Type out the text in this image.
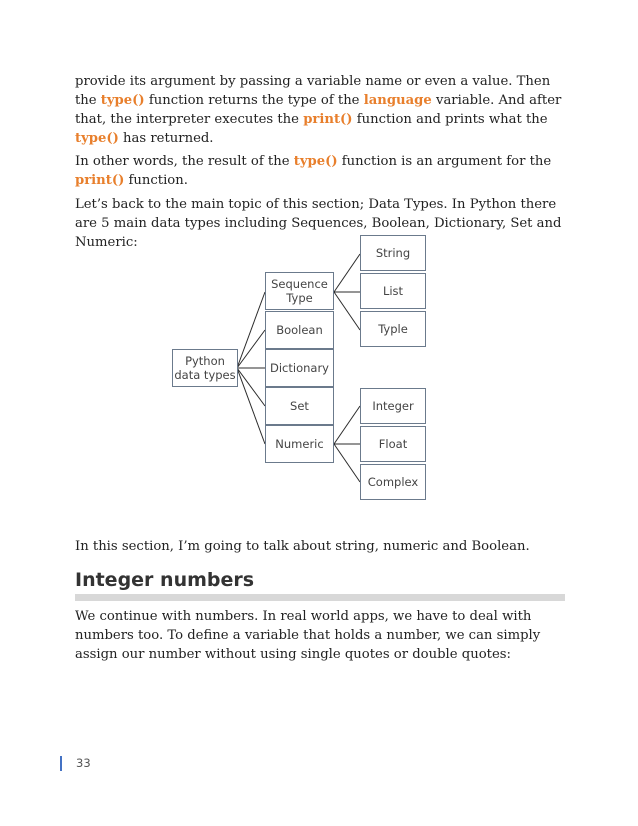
provide its argument by passing a variable name or even a value. Then the type() function returns the type of the language variable. And after that, the interpreter executes the print() function and prints what the type() has returned.

In other words, the result of the type() function is an argument for the print() function.

Let’s back to the main topic of this section; Data Types. In Python there are 5 main data types including Sequences, Boolean, Dictionary, Set and Numeric:

Python data types
Sequence Type
Boolean
Dictionary
Set
Numeric
String
List
Typle
Integer
Float
Complex

In this section, I’m going to talk about string, numeric and Boolean.

Integer numbers

We continue with numbers. In real world apps, we have to deal with numbers too. To define a variable that holds a number, we can simply assign our number without using single quotes or double quotes:

33
